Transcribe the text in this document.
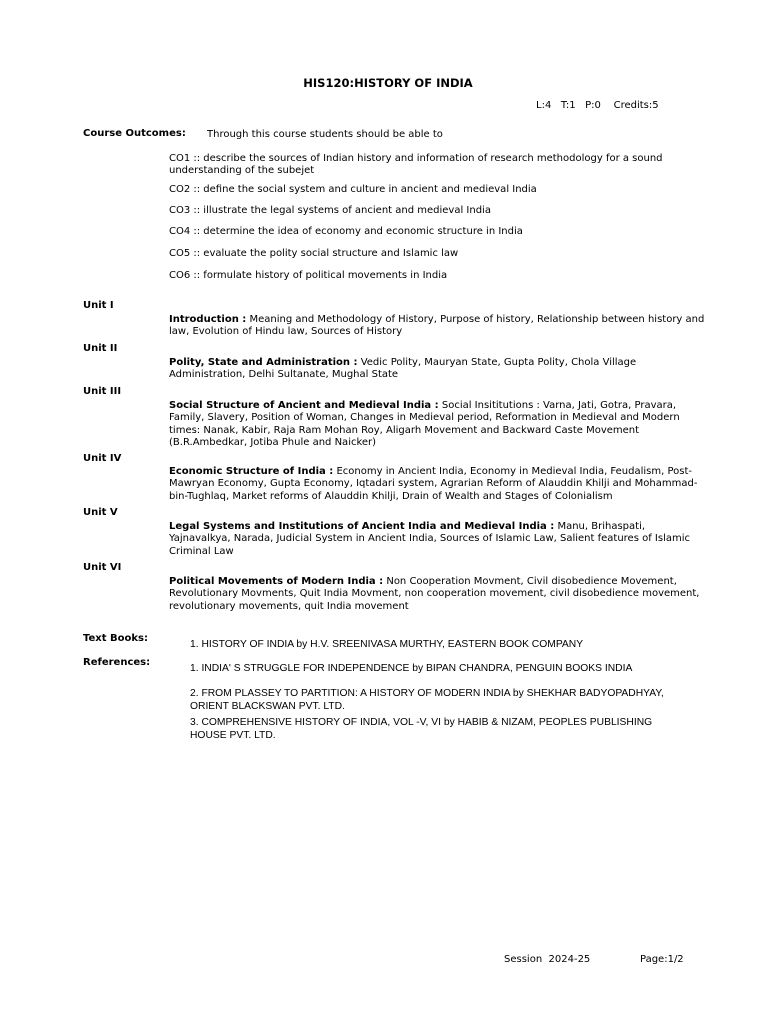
HIS120:HISTORY OF INDIA
L:4   T:1   P:0    Credits:5
Course Outcomes: Through this course students should be able to
CO1 :: describe the sources of Indian history and information of research methodology for a sound understanding of the subejet
CO2 :: define the social system and culture in ancient and medieval India
CO3 :: illustrate the legal systems of ancient and medieval India
CO4 :: determine the idea of economy and economic structure in India
CO5 :: evaluate the polity social structure and Islamic law
CO6 :: formulate history of political movements in India
Unit I
Introduction : Meaning and Methodology of History, Purpose of history, Relationship between history and law, Evolution of Hindu law, Sources of History
Unit II
Polity, State and Administration : Vedic Polity, Mauryan State, Gupta Polity, Chola Village Administration, Delhi Sultanate, Mughal State
Unit III
Social Structure of Ancient and Medieval India : Social Insititutions : Varna, Jati, Gotra, Pravara, Family, Slavery, Position of Woman, Changes in Medieval period, Reformation in Medieval and Modern times: Nanak, Kabir, Raja Ram Mohan Roy, Aligarh Movement and Backward Caste Movement (B.R.Ambedkar, Jotiba Phule and Naicker)
Unit IV
Economic Structure of India : Economy in Ancient India, Economy in Medieval India, Feudalism, Post-Mawryan Economy, Gupta Economy, Iqtadari system, Agrarian Reform of Alauddin Khilji and Mohammad-bin-Tughlaq, Market reforms of Alauddin Khilji, Drain of Wealth and Stages of Colonialism
Unit V
Legal Systems and Institutions of Ancient India and Medieval India : Manu, Brihaspati, Yajnavalkya, Narada, Judicial System in Ancient India, Sources of Islamic Law, Salient features of Islamic Criminal Law
Unit VI
Political Movements of Modern India : Non Cooperation Movment, Civil disobedience Movement, Revolutionary Movments, Quit India Movment, non cooperation movement, civil disobedience movement, revolutionary movements, quit India movement
Text Books:
1. HISTORY OF INDIA by H.V. SREENIVASA MURTHY, EASTERN BOOK COMPANY
References:
1. INDIA' S STRUGGLE FOR INDEPENDENCE by BIPAN CHANDRA, PENGUIN BOOKS INDIA
2. FROM PLASSEY TO PARTITION: A HISTORY OF MODERN INDIA by SHEKHAR BADYOPADHYAY, ORIENT BLACKSWAN PVT. LTD.
3. COMPREHENSIVE HISTORY OF INDIA, VOL -V, VI by HABIB & NIZAM, PEOPLES PUBLISHING HOUSE PVT. LTD.
Session  2024-25	Page:1/2
